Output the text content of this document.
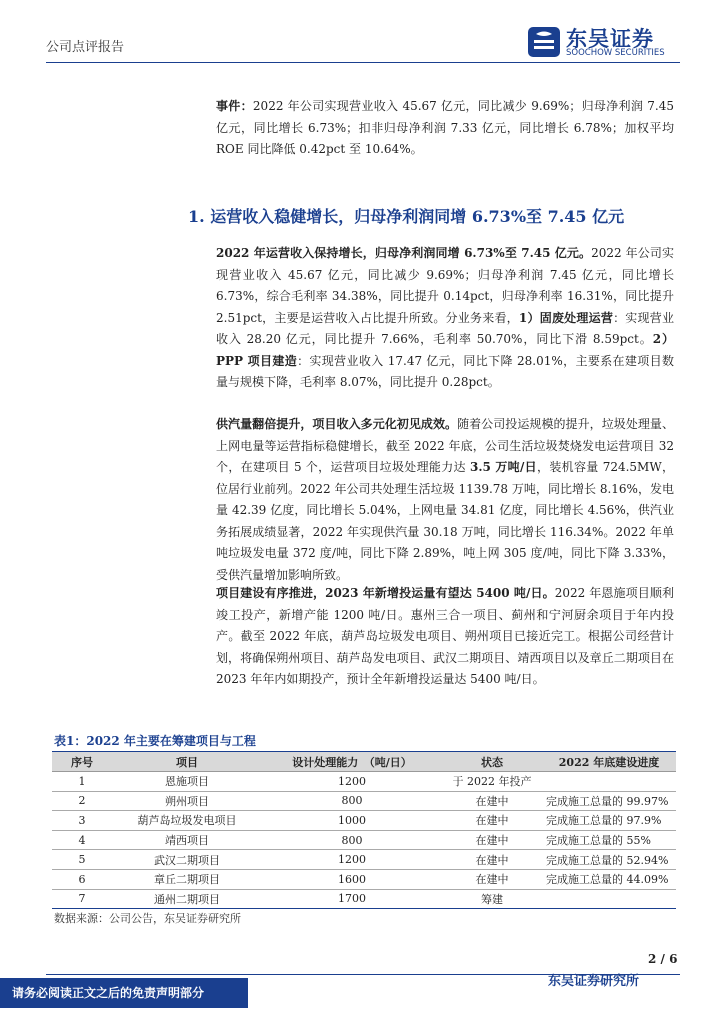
公司点评报告	东吴证券
SOOCHOW SECURITIES

事件：2022 年公司实现营业收入 45.67 亿元，同比减少 9.69%；归母净利润 7.45 亿元，同比增长 6.73%；扣非归母净利润 7.33 亿元，同比增长 6.78%；加权平均 ROE 同比降低 0.42pct 至 10.64%。

1. 运营收入稳健增长，归母净利润同增 6.73%至 7.45 亿元

2022 年运营收入保持增长，归母净利润同增 6.73%至 7.45 亿元。2022 年公司实现营业收入 45.67 亿元，同比减少 9.69%；归母净利润 7.45 亿元，同比增长 6.73%，综合毛利率 34.38%，同比提升 0.14pct，归母净利率 16.31%，同比提升 2.51pct，主要是运营收入占比提升所致。分业务来看，1）固废处理运营：实现营业收入 28.20 亿元，同比提升 7.66%，毛利率 50.70%，同比下滑 8.59pct。2）PPP 项目建造：实现营业收入 17.47 亿元，同比下降 28.01%，主要系在建项目数量与规模下降，毛利率 8.07%，同比提升 0.28pct。

供汽量翻倍提升，项目收入多元化初见成效。随着公司投运规模的提升，垃圾处理量、上网电量等运营指标稳健增长，截至 2022 年底，公司生活垃圾焚烧发电运营项目 32 个，在建项目 5 个，运营项目垃圾处理能力达 3.5 万吨/日，装机容量 724.5MW，位居行业前列。2022 年公司共处理生活垃圾 1139.78 万吨，同比增长 8.16%，发电量 42.39 亿度，同比增长 5.04%，上网电量 34.81 亿度，同比增长 4.56%，供汽业务拓展成绩显著，2022 年实现供汽量 30.18 万吨，同比增长 116.34%。2022 年单吨垃圾发电量 372 度/吨，同比下降 2.89%，吨上网 305 度/吨，同比下降 3.33%，受供汽量增加影响所致。

项目建设有序推进，2023 年新增投运量有望达 5400 吨/日。2022 年恩施项目顺利竣工投产，新增产能 1200 吨/日。惠州三合一项目、蓟州和宁河厨余项目于年内投产。截至 2022 年底，葫芦岛垃圾发电项目、朔州项目已接近完工。根据公司经营计划，将确保朔州项目、葫芦岛发电项目、武汉二期项目、靖西项目以及章丘二期项目在 2023 年年内如期投产，预计全年新增投运量达 5400 吨/日。

表1：2022 年主要在筹建项目与工程
序号	项目	设计处理能力　（吨/日）	状态	2022 年底建设进度
1	恩施项目	1200	于 2022 年投产	
2	朔州项目	800	在建中	完成施工总量的 99.97%
3	葫芦岛垃圾发电项目	1000	在建中	完成施工总量的 97.9%
4	靖西项目	800	在建中	完成施工总量的 55%
5	武汉二期项目	1200	在建中	完成施工总量的 52.94%
6	章丘二期项目	1600	在建中	完成施工总量的 44.09%
7	通州二期项目	1700	筹建	
数据来源：公司公告，东吴证券研究所
2 / 6
请务必阅读正文之后的免责声明部分
东吴证券研究所
